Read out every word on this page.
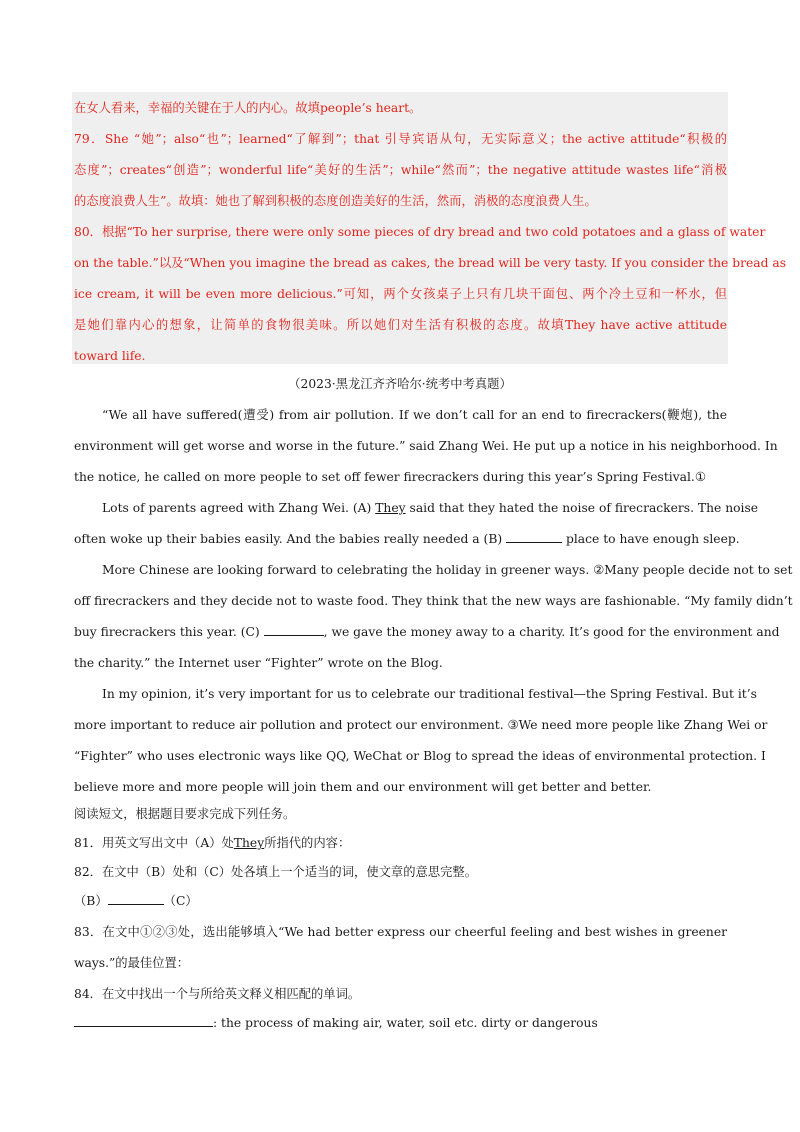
在女人看来，幸福的关键在于人的内心。故填people’s heart。
79．She “她”；also“也”；learned“了解到”；that 引导宾语从句，无实际意义；the active attitude“积极的
态度”；creates“创造”；wonderful life“美好的生活”；while“然而”；the negative attitude wastes life“消极
的态度浪费人生”。故填：她也了解到积极的态度创造美好的生活，然而，消极的态度浪费人生。
80．根据“To her surprise, there were only some pieces of dry bread and two cold potatoes and a glass of water
on the table.”以及“When you imagine the bread as cakes, the bread will be very tasty. If you consider the bread as
ice cream, it will be even more delicious.”可知，两个女孩桌子上只有几块干面包、两个冷土豆和一杯水，但
是她们靠内心的想象，让简单的食物很美味。所以她们对生活有积极的态度。故填They have active attitude
toward life.
（2023·黑龙江齐齐哈尔·统考中考真题）
“We all have suffered(遭受) from air pollution. If we don’t call for an end to firecrackers(鞭炮), the
environment will get worse and worse in the future.” said Zhang Wei. He put up a notice in his neighborhood. In
the notice, he called on more people to set off fewer firecrackers during this year’s Spring Festival.①
Lots of parents agreed with Zhang Wei. (A) They said that they hated the noise of firecrackers. The noise
often woke up their babies easily. And the babies really needed a (B)	place to have enough sleep.
More Chinese are looking forward to celebrating the holiday in greener ways. ②Many people decide not to set
off firecrackers and they decide not to waste food. They think that the new ways are fashionable. “My family didn’t
buy firecrackers this year. (C)	, we gave the money away to a charity. It’s good for the environment and
the charity.” the Internet user “Fighter” wrote on the Blog.
In my opinion, it’s very important for us to celebrate our traditional festival—the Spring Festival. But it’s
more important to reduce air pollution and protect our environment. ③We need more people like Zhang Wei or
“Fighter” who uses electronic ways like QQ, WeChat or Blog to spread the ideas of environmental protection. I
believe more and more people will join them and our environment will get better and better.
阅读短文，根据题目要求完成下列任务。
81．用英文写出文中（A）处They所指代的内容：
82．在文中（B）处和（C）处各填上一个适当的词，使文章的意思完整。
（B）	（C）
83．在文中①②③处，选出能够填入“We had better express our cheerful feeling and best wishes in greener
ways.”的最佳位置：
84．在文中找出一个与所给英文释义相匹配的单词。
: the process of making air, water, soil etc. dirty or dangerous
